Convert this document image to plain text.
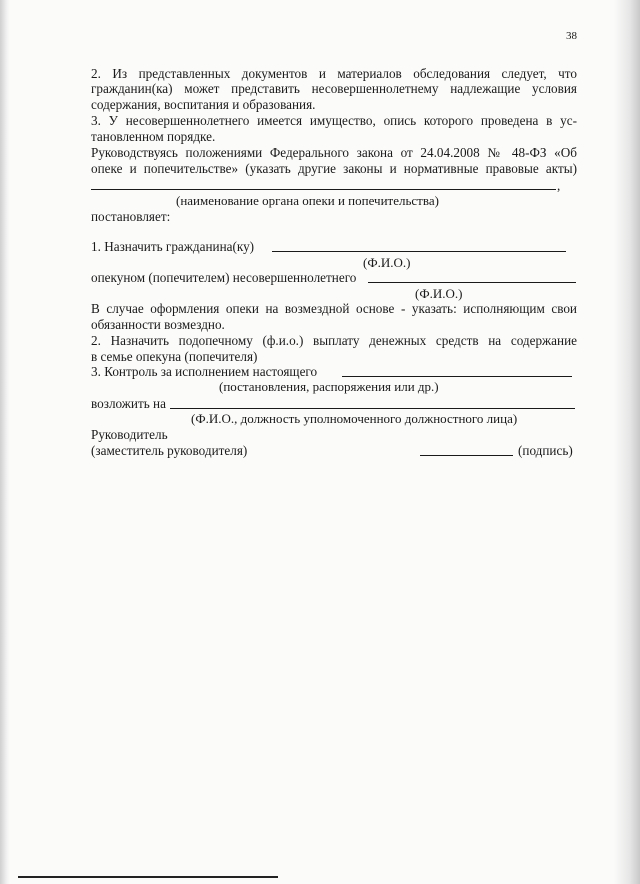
38
2. Из представленных документов и материалов обследования следует, что
гражданин(ка) может представить несовершеннолетнему надлежащие условия
содержания, воспитания и образования.
3. У несовершеннолетнего имеется имущество, опись которого проведена в ус-
тановленном порядке.
Руководствуясь положениями Федерального закона от 24.04.2008 № 48-ФЗ «Об
опеке и попечительстве» (указать другие законы и нормативные правовые акты)
,
(наименование органа опеки и попечительства)
постановляет:
1. Назначить гражданина(ку)
(Ф.И.О.)
опекуном (попечителем) несовершеннолетнего
(Ф.И.О.)
В случае оформления опеки на возмездной основе - указать: исполняющим свои
обязанности возмездно.
2. Назначить подопечному (ф.и.о.) выплату денежных средств на содержание
в семье опекуна (попечителя)
3. Контроль за исполнением настоящего
(постановления, распоряжения или др.)
возложить на
(Ф.И.О., должность уполномоченного должностного лица)
Руководитель
(заместитель руководителя)	(подпись)
